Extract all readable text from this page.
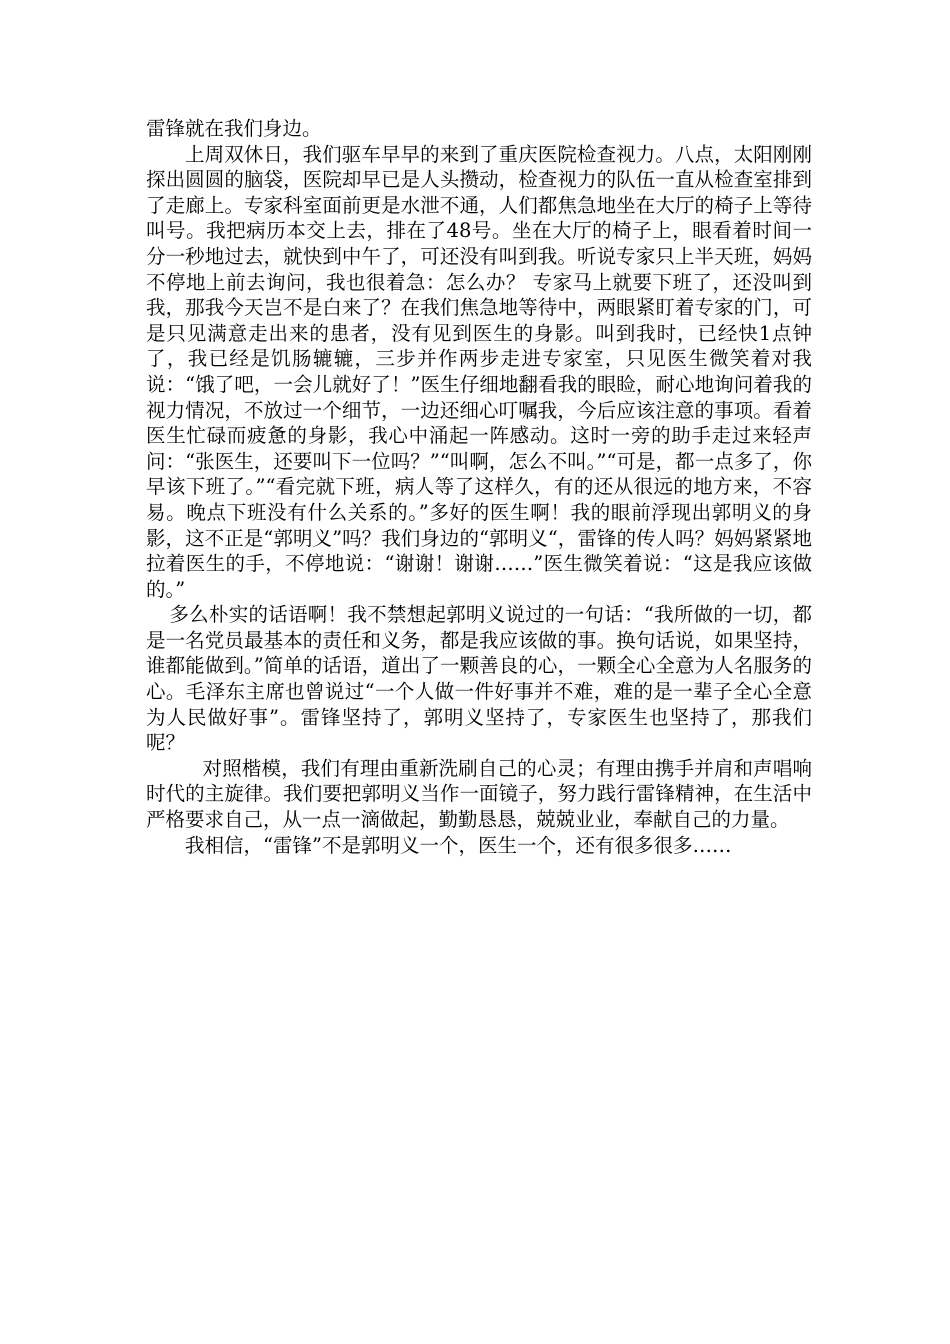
雷锋就在我们身边。

上周双休日，我们驱车早早的来到了重庆医院检查视力。八点，太阳刚刚探出圆圆的脑袋，医院却早已是人头攒动，检查视力的队伍一直从检查室排到了走廊上。专家科室面前更是水泄不通，人们都焦急地坐在大厅的椅子上等待叫号。我把病历本交上去，排在了48号。坐在大厅的椅子上，眼看着时间一分一秒地过去，就快到中午了，可还没有叫到我。听说专家只上半天班，妈妈不停地上前去询问，我也很着急：怎么办？ 专家马上就要下班了，还没叫到我，那我今天岂不是白来了？在我们焦急地等待中，两眼紧盯着专家的门，可是只见满意走出来的患者，没有见到医生的身影。叫到我时，已经快1点钟了，我已经是饥肠辘辘，三步并作两步走进专家室，只见医生微笑着对我说：“饿了吧，一会儿就好了！”医生仔细地翻看我的眼睑，耐心地询问着我的视力情况，不放过一个细节，一边还细心叮嘱我，今后应该注意的事项。看着医生忙碌而疲惫的身影，我心中涌起一阵感动。这时一旁的助手走过来轻声问：“张医生，还要叫下一位吗？”“叫啊，怎么不叫。”“可是，都一点多了，你早该下班了。”“看完就下班，病人等了这样久，有的还从很远的地方来，不容易。晚点下班没有什么关系的。”多好的医生啊！我的眼前浮现出郭明义的身影，这不正是“郭明义”吗？我们身边的“郭明义“，雷锋的传人吗？妈妈紧紧地拉着医生的手，不停地说：“谢谢！谢谢……”医生微笑着说：“这是我应该做的。”

多么朴实的话语啊！我不禁想起郭明义说过的一句话：“我所做的一切，都是一名党员最基本的责任和义务，都是我应该做的事。换句话说，如果坚持，谁都能做到。”简单的话语，道出了一颗善良的心，一颗全心全意为人名服务的心。毛泽东主席也曾说过“一个人做一件好事并不难，难的是一辈子全心全意为人民做好事”。雷锋坚持了，郭明义坚持了，专家医生也坚持了，那我们呢？

对照楷模，我们有理由重新洗刷自己的心灵；有理由携手并肩和声唱响时代的主旋律。我们要把郭明义当作一面镜子，努力践行雷锋精神，在生活中严格要求自己，从一点一滴做起，勤勤恳恳，兢兢业业，奉献自己的力量。

我相信，“雷锋”不是郭明义一个，医生一个，还有很多很多……
